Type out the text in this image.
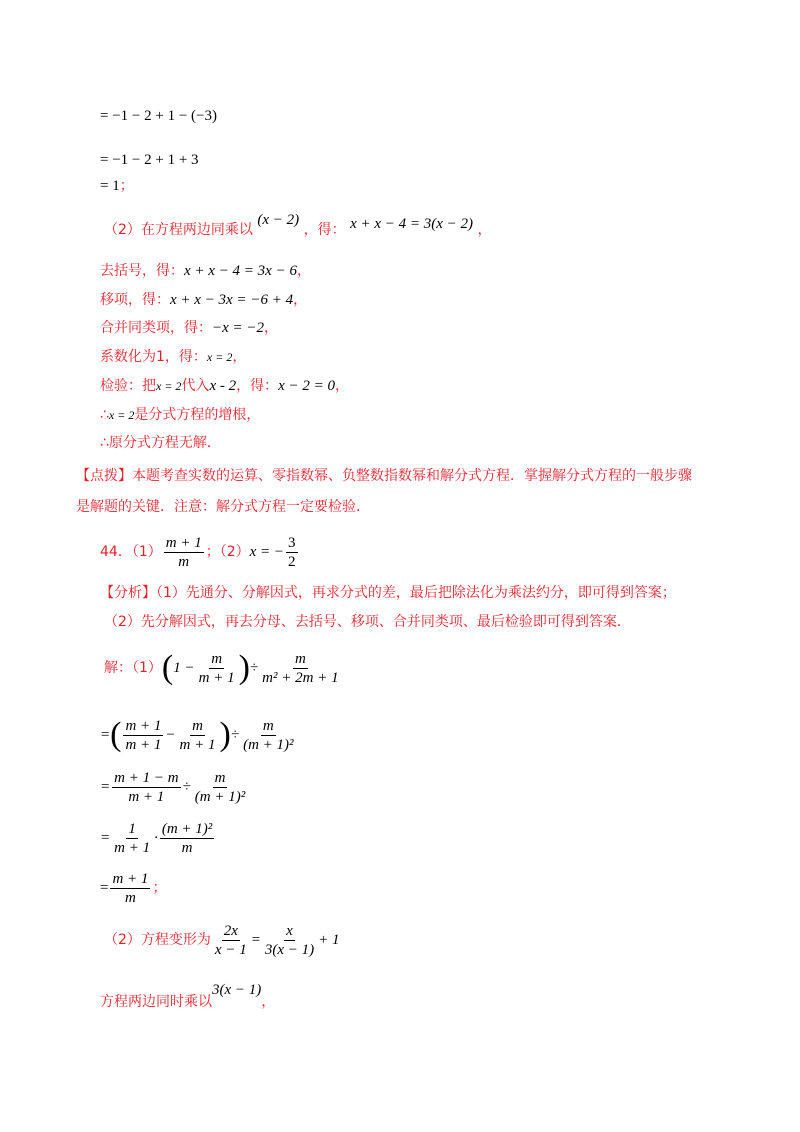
= −1 − 2 + 1 − (−3)
= −1 − 2 + 1 + 3
= 1；
（2）在方程两边同乘以 (x − 2) ，得： x + x − 4 = 3(x − 2) ，
去括号，得：x + x − 4 = 3x − 6，
移项，得：x + x − 3x = −6 + 4，
合并同类项，得：−x = −2，
系数化为1，得：x = 2，
检验：把x = 2代入x - 2，得：x − 2 = 0，
∴x = 2是分式方程的增根，
∴原分式方程无解．
【点拨】本题考查实数的运算、零指数幂、负整数指数幂和解分式方程．掌握解分式方程的一般步骤
是解题的关键．注意：解分式方程一定要检验．
44．$(1) \frac{m + 1}{m}$ ；（2） x = − $\frac{3}{2}$
【分析】（1）先通分、分解因式，再求分式的差，最后把除法化为乘法约分，即可得到答案；
（2）先分解因式，再去分母、去括号、移项、合并同类项、最后检验即可得到答案．
解：（1） ( $1 - \frac{m}{m + 1}$ ) ÷ $\frac{m}{\text{m² + 2m + 1}}$
= ( $\frac{m + 1}{m + 1} - \frac{m}{m + 1}$ ) ÷ $\frac{m}{\text{(m + 1)²}}$
= $\frac{m + 1 - m}{m + 1} \div \frac{m}{\text{(m + 1)²}}$
= $\frac{1}{m + 1} \cdot \frac{\text{(m + 1)²}}{m}$
= $\frac{m + 1}{m}$ ；
（2）方程变形为 $\frac{2x}{x - 1} = \frac{x}{3(x - 1)} + 1$
方程两边同时乘以
3(x − 1)
，
